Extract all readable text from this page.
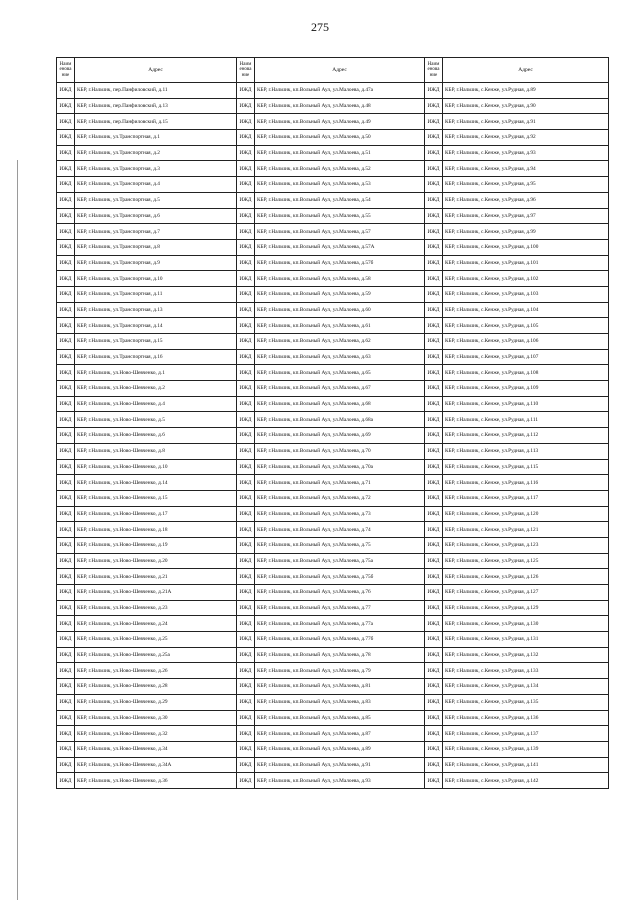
275
Наим енова ние	Адрес	Наим енова ние	Адрес	Наим енова ние	Адрес
ИЖД	КБР, г.Нальчик, пер.Панфиловский, д.11	ИЖД	КБР, г.Нальчик, кп.Вольный Аул, ул.Малоева, д.47а	ИЖД	КБР, г.Нальчик, с.Кенже, ул.Рудная, д.89
ИЖД	КБР, г.Нальчик, пер.Панфиловский, д.13	ИЖД	КБР, г.Нальчик, кп.Вольный Аул, ул.Малоева, д.48	ИЖД	КБР, г.Нальчик, с.Кенже, ул.Рудная, д.90
ИЖД	КБР, г.Нальчик, пер.Панфиловский, д.15	ИЖД	КБР, г.Нальчик, кп.Вольный Аул, ул.Малоева, д.49	ИЖД	КБР, г.Нальчик, с.Кенже, ул.Рудная, д.91
ИЖД	КБР, г.Нальчик, ул.Транспортная, д.1	ИЖД	КБР, г.Нальчик, кп.Вольный Аул, ул.Малоева, д.50	ИЖД	КБР, г.Нальчик, с.Кенже, ул.Рудная, д.92
ИЖД	КБР, г.Нальчик, ул.Транспортная, д.2	ИЖД	КБР, г.Нальчик, кп.Вольный Аул, ул.Малоева, д.51	ИЖД	КБР, г.Нальчик, с.Кенже, ул.Рудная, д.93
ИЖД	КБР, г.Нальчик, ул.Транспортная, д.3	ИЖД	КБР, г.Нальчик, кп.Вольный Аул, ул.Малоева, д.52	ИЖД	КБР, г.Нальчик, с.Кенже, ул.Рудная, д.94
ИЖД	КБР, г.Нальчик, ул.Транспортная, д.4	ИЖД	КБР, г.Нальчик, кп.Вольный Аул, ул.Малоева, д.53	ИЖД	КБР, г.Нальчик, с.Кенже, ул.Рудная, д.95
ИЖД	КБР, г.Нальчик, ул.Транспортная, д.5	ИЖД	КБР, г.Нальчик, кп.Вольный Аул, ул.Малоева, д.54	ИЖД	КБР, г.Нальчик, с.Кенже, ул.Рудная, д.96
ИЖД	КБР, г.Нальчик, ул.Транспортная, д.6	ИЖД	КБР, г.Нальчик, кп.Вольный Аул, ул.Малоева, д.55	ИЖД	КБР, г.Нальчик, с.Кенже, ул.Рудная, д.97
ИЖД	КБР, г.Нальчик, ул.Транспортная, д.7	ИЖД	КБР, г.Нальчик, кп.Вольный Аул, ул.Малоева, д.57	ИЖД	КБР, г.Нальчик, с.Кенже, ул.Рудная, д.99
ИЖД	КБР, г.Нальчик, ул.Транспортная, д.8	ИЖД	КБР, г.Нальчик, кп.Вольный Аул, ул.Малоева, д.57А	ИЖД	КБР, г.Нальчик, с.Кенже, ул.Рудная, д.100
ИЖД	КБР, г.Нальчик, ул.Транспортная, д.9	ИЖД	КБР, г.Нальчик, кп.Вольный Аул, ул.Малоева, д.57б	ИЖД	КБР, г.Нальчик, с.Кенже, ул.Рудная, д.101
ИЖД	КБР, г.Нальчик, ул.Транспортная, д.10	ИЖД	КБР, г.Нальчик, кп.Вольный Аул, ул.Малоева, д.58	ИЖД	КБР, г.Нальчик, с.Кенже, ул.Рудная, д.102
ИЖД	КБР, г.Нальчик, ул.Транспортная, д.11	ИЖД	КБР, г.Нальчик, кп.Вольный Аул, ул.Малоева, д.59	ИЖД	КБР, г.Нальчик, с.Кенже, ул.Рудная, д.103
ИЖД	КБР, г.Нальчик, ул.Транспортная, д.13	ИЖД	КБР, г.Нальчик, кп.Вольный Аул, ул.Малоева, д.60	ИЖД	КБР, г.Нальчик, с.Кенже, ул.Рудная, д.104
ИЖД	КБР, г.Нальчик, ул.Транспортная, д.14	ИЖД	КБР, г.Нальчик, кп.Вольный Аул, ул.Малоева, д.61	ИЖД	КБР, г.Нальчик, с.Кенже, ул.Рудная, д.105
ИЖД	КБР, г.Нальчик, ул.Транспортная, д.15	ИЖД	КБР, г.Нальчик, кп.Вольный Аул, ул.Малоева, д.62	ИЖД	КБР, г.Нальчик, с.Кенже, ул.Рудная, д.106
ИЖД	КБР, г.Нальчик, ул.Транспортная, д.16	ИЖД	КБР, г.Нальчик, кп.Вольный Аул, ул.Малоева, д.63	ИЖД	КБР, г.Нальчик, с.Кенже, ул.Рудная, д.107
ИЖД	КБР, г.Нальчик, ул.Ново-Шевченко, д.1	ИЖД	КБР, г.Нальчик, кп.Вольный Аул, ул.Малоева, д.65	ИЖД	КБР, г.Нальчик, с.Кенже, ул.Рудная, д.108
ИЖД	КБР, г.Нальчик, ул.Ново-Шевченко, д.2	ИЖД	КБР, г.Нальчик, кп.Вольный Аул, ул.Малоева, д.67	ИЖД	КБР, г.Нальчик, с.Кенже, ул.Рудная, д.109
ИЖД	КБР, г.Нальчик, ул.Ново-Шевченко, д.4	ИЖД	КБР, г.Нальчик, кп.Вольный Аул, ул.Малоева, д.68	ИЖД	КБР, г.Нальчик, с.Кенже, ул.Рудная, д.110
ИЖД	КБР, г.Нальчик, ул.Ново-Шевченко, д.5	ИЖД	КБР, г.Нальчик, кп.Вольный Аул, ул.Малоева, д.68а	ИЖД	КБР, г.Нальчик, с.Кенже, ул.Рудная, д.111
ИЖД	КБР, г.Нальчик, ул.Ново-Шевченко, д.6	ИЖД	КБР, г.Нальчик, кп.Вольный Аул, ул.Малоева, д.69	ИЖД	КБР, г.Нальчик, с.Кенже, ул.Рудная, д.112
ИЖД	КБР, г.Нальчик, ул.Ново-Шевченко, д.8	ИЖД	КБР, г.Нальчик, кп.Вольный Аул, ул.Малоева, д.70	ИЖД	КБР, г.Нальчик, с.Кенже, ул.Рудная, д.113
ИЖД	КБР, г.Нальчик, ул.Ново-Шевченко, д.10	ИЖД	КБР, г.Нальчик, кп.Вольный Аул, ул.Малоева, д.70а	ИЖД	КБР, г.Нальчик, с.Кенже, ул.Рудная, д.115
ИЖД	КБР, г.Нальчик, ул.Ново-Шевченко, д.14	ИЖД	КБР, г.Нальчик, кп.Вольный Аул, ул.Малоева, д.71	ИЖД	КБР, г.Нальчик, с.Кенже, ул.Рудная, д.116
ИЖД	КБР, г.Нальчик, ул.Ново-Шевченко, д.15	ИЖД	КБР, г.Нальчик, кп.Вольный Аул, ул.Малоева, д.72	ИЖД	КБР, г.Нальчик, с.Кенже, ул.Рудная, д.117
ИЖД	КБР, г.Нальчик, ул.Ново-Шевченко, д.17	ИЖД	КБР, г.Нальчик, кп.Вольный Аул, ул.Малоева, д.73	ИЖД	КБР, г.Нальчик, с.Кенже, ул.Рудная, д.120
ИЖД	КБР, г.Нальчик, ул.Ново-Шевченко, д.18	ИЖД	КБР, г.Нальчик, кп.Вольный Аул, ул.Малоева, д.74	ИЖД	КБР, г.Нальчик, с.Кенже, ул.Рудная, д.121
ИЖД	КБР, г.Нальчик, ул.Ново-Шевченко, д.19	ИЖД	КБР, г.Нальчик, кп.Вольный Аул, ул.Малоева, д.75	ИЖД	КБР, г.Нальчик, с.Кенже, ул.Рудная, д.123
ИЖД	КБР, г.Нальчик, ул.Ново-Шевченко, д.20	ИЖД	КБР, г.Нальчик, кп.Вольный Аул, ул.Малоева, д.75а	ИЖД	КБР, г.Нальчик, с.Кенже, ул.Рудная, д.125
ИЖД	КБР, г.Нальчик, ул.Ново-Шевченко, д.21	ИЖД	КБР, г.Нальчик, кп.Вольный Аул, ул.Малоева, д.75б	ИЖД	КБР, г.Нальчик, с.Кенже, ул.Рудная, д.126
ИЖД	КБР, г.Нальчик, ул.Ново-Шевченко, д.21А	ИЖД	КБР, г.Нальчик, кп.Вольный Аул, ул.Малоева, д.76	ИЖД	КБР, г.Нальчик, с.Кенже, ул.Рудная, д.127
ИЖД	КБР, г.Нальчик, ул.Ново-Шевченко, д.23	ИЖД	КБР, г.Нальчик, кп.Вольный Аул, ул.Малоева, д.77	ИЖД	КБР, г.Нальчик, с.Кенже, ул.Рудная, д.129
ИЖД	КБР, г.Нальчик, ул.Ново-Шевченко, д.24	ИЖД	КБР, г.Нальчик, кп.Вольный Аул, ул.Малоева, д.77а	ИЖД	КБР, г.Нальчик, с.Кенже, ул.Рудная, д.130
ИЖД	КБР, г.Нальчик, ул.Ново-Шевченко, д.25	ИЖД	КБР, г.Нальчик, кп.Вольный Аул, ул.Малоева, д.77б	ИЖД	КБР, г.Нальчик, с.Кенже, ул.Рудная, д.131
ИЖД	КБР, г.Нальчик, ул.Ново-Шевченко, д.25а	ИЖД	КБР, г.Нальчик, кп.Вольный Аул, ул.Малоева, д.78	ИЖД	КБР, г.Нальчик, с.Кенже, ул.Рудная, д.132
ИЖД	КБР, г.Нальчик, ул.Ново-Шевченко, д.26	ИЖД	КБР, г.Нальчик, кп.Вольный Аул, ул.Малоева, д.79	ИЖД	КБР, г.Нальчик, с.Кенже, ул.Рудная, д.133
ИЖД	КБР, г.Нальчик, ул.Ново-Шевченко, д.28	ИЖД	КБР, г.Нальчик, кп.Вольный Аул, ул.Малоева, д.81	ИЖД	КБР, г.Нальчик, с.Кенже, ул.Рудная, д.134
ИЖД	КБР, г.Нальчик, ул.Ново-Шевченко, д.29	ИЖД	КБР, г.Нальчик, кп.Вольный Аул, ул.Малоева, д.83	ИЖД	КБР, г.Нальчик, с.Кенже, ул.Рудная, д.135
ИЖД	КБР, г.Нальчик, ул.Ново-Шевченко, д.30	ИЖД	КБР, г.Нальчик, кп.Вольный Аул, ул.Малоева, д.85	ИЖД	КБР, г.Нальчик, с.Кенже, ул.Рудная, д.136
ИЖД	КБР, г.Нальчик, ул.Ново-Шевченко, д.32	ИЖД	КБР, г.Нальчик, кп.Вольный Аул, ул.Малоева, д.87	ИЖД	КБР, г.Нальчик, с.Кенже, ул.Рудная, д.137
ИЖД	КБР, г.Нальчик, ул.Ново-Шевченко, д.34	ИЖД	КБР, г.Нальчик, кп.Вольный Аул, ул.Малоева, д.89	ИЖД	КБР, г.Нальчик, с.Кенже, ул.Рудная, д.139
ИЖД	КБР, г.Нальчик, ул.Ново-Шевченко, д.34А	ИЖД	КБР, г.Нальчик, кп.Вольный Аул, ул.Малоева, д.91	ИЖД	КБР, г.Нальчик, с.Кенже, ул.Рудная, д.141
ИЖД	КБР, г.Нальчик, ул.Ново-Шевченко, д.36	ИЖД	КБР, г.Нальчик, кп.Вольный Аул, ул.Малоева, д.93	ИЖД	КБР, г.Нальчик, с.Кенже, ул.Рудная, д.142
